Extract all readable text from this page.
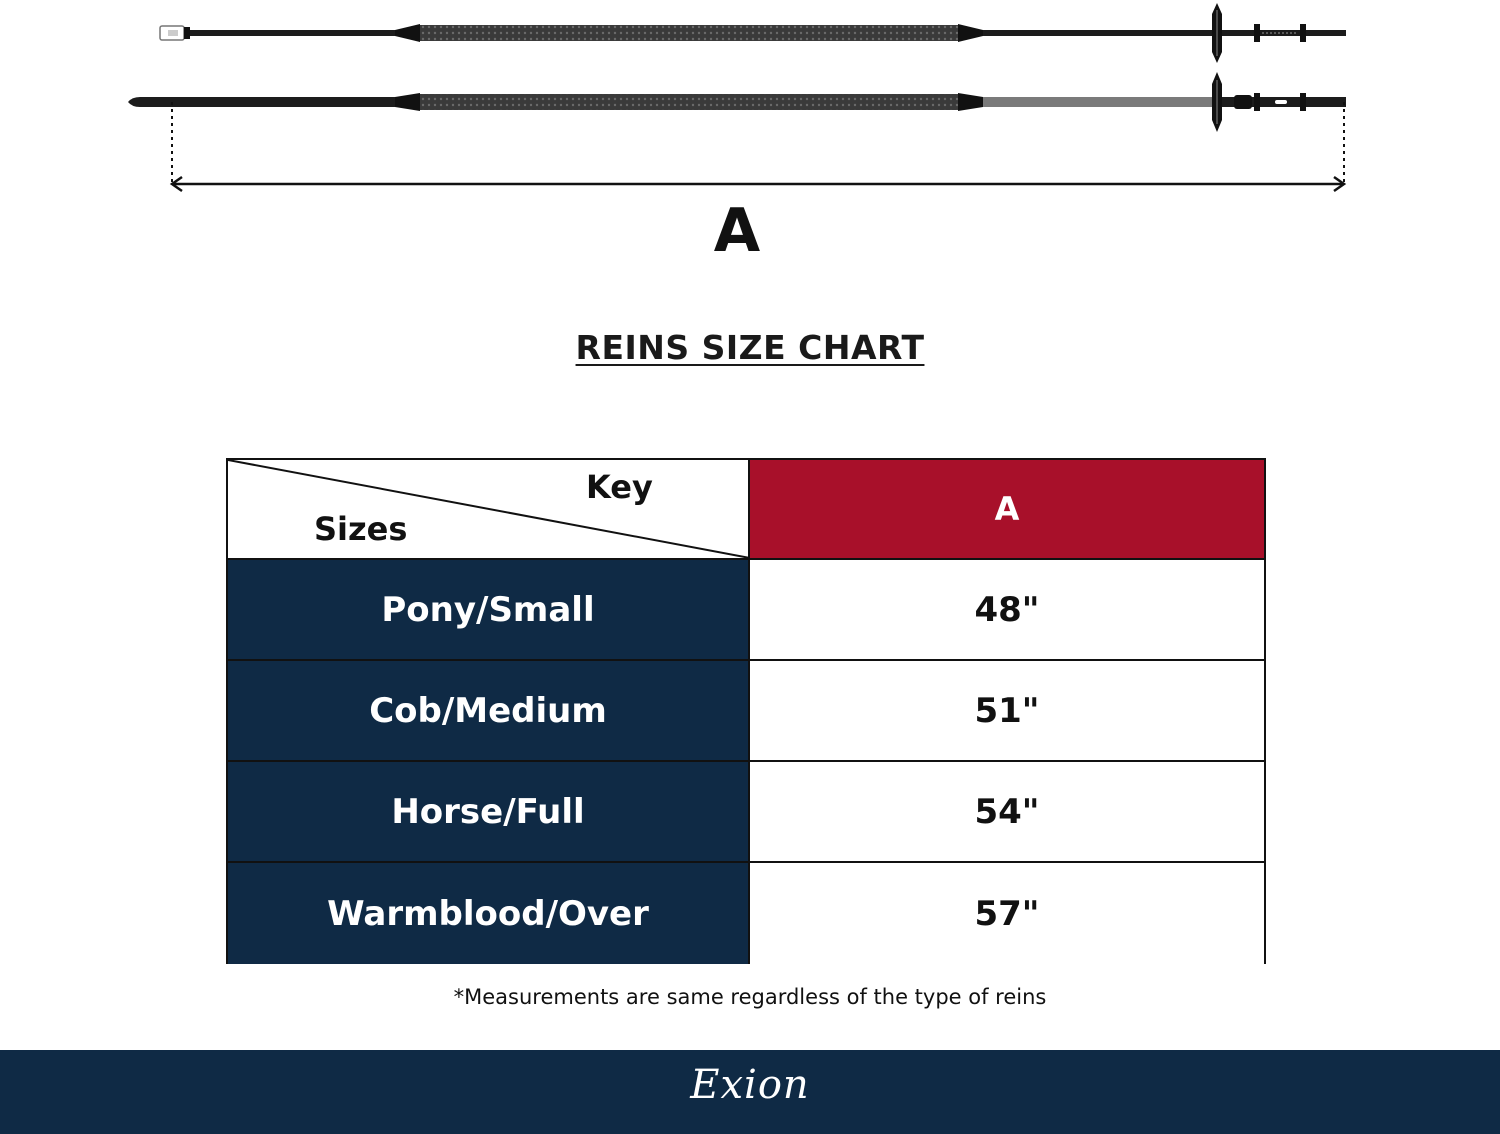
A
REINS SIZE CHART
Key
Sizes
A
Pony/Small	48"
Cob/Medium	51"
Horse/Full	54"
Warmblood/Over	57"
*Measurements are same regardless of the type of reins
Exion
